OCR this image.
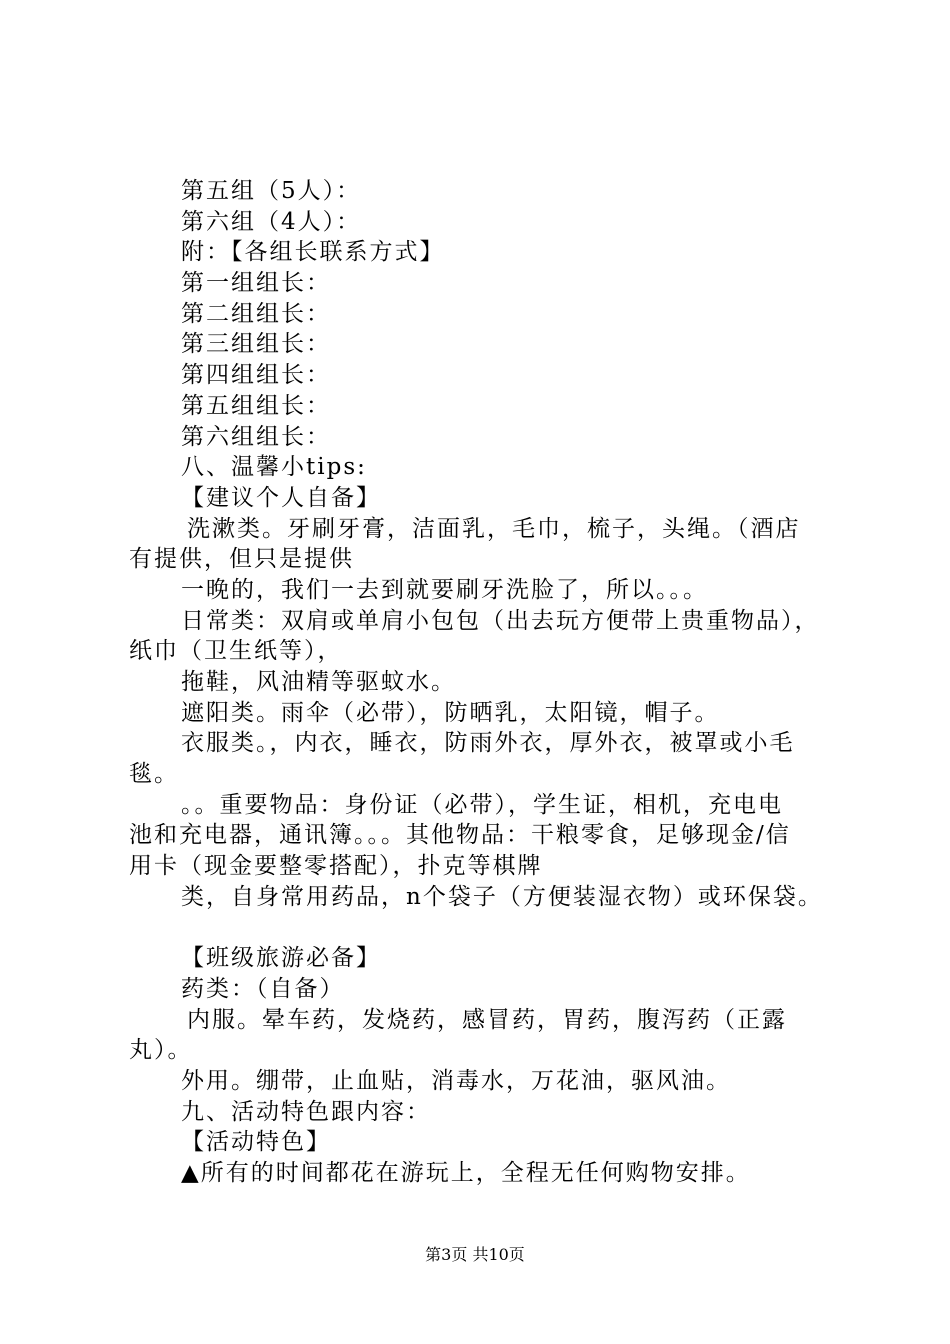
第五组（5人）：
第六组（4人）：
附：【各组长联系方式】
第一组组长：
第二组组长：
第三组组长：
第四组组长：
第五组组长：
第六组组长：
八、温馨小tips:
【建议个人自备】
洗漱类。牙刷牙膏，洁面乳，毛巾，梳子，头绳。（酒店
有提供，但只是提供
一晚的，我们一去到就要刷牙洗脸了，所以。。。
日常类：双肩或单肩小包包（出去玩方便带上贵重物品），
纸巾（卫生纸等），
拖鞋，风油精等驱蚊水。
遮阳类。雨伞（必带），防晒乳，太阳镜，帽子。
衣服类。，内衣，睡衣，防雨外衣，厚外衣，被罩或小毛
毯。
。。重要物品：身份证（必带），学生证，相机，充电电
池和充电器，通讯簿。。。其他物品：干粮零食，足够现金/信
用卡（现金要整零搭配），扑克等棋牌
类，自身常用药品，n个袋子（方便装湿衣物）或环保袋。
【班级旅游必备】
药类：（自备）
内服。晕车药，发烧药，感冒药，胃药，腹泻药（正露
丸）。
外用。绷带，止血贴，消毒水，万花油，驱风油。
九、活动特色跟内容：
【活动特色】
▲所有的时间都花在游玩上，全程无任何购物安排。
第3页 共10页
